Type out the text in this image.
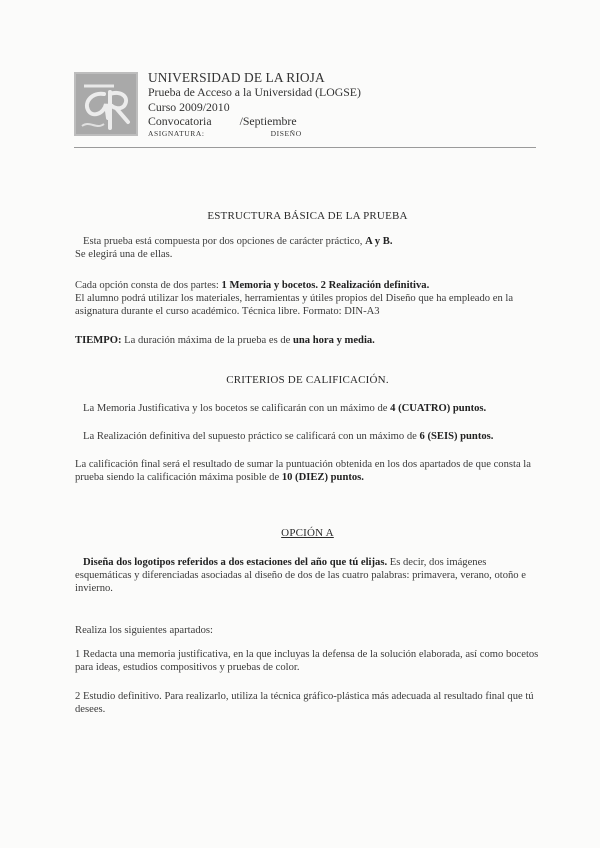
UNIVERSIDAD DE LA RIOJA
Prueba de Acceso a la Universidad (LOGSE)
Curso 2009/2010
Convocatoria /Septiembre
ASIGNATURA:	DISEÑO
ESTRUCTURA BÁSICA DE LA PRUEBA
Esta prueba está compuesta por dos opciones de carácter práctico, A y B.
Se elegirá una de ellas.
Cada opción consta de dos partes: 1 Memoria y bocetos. 2 Realización definitiva.
El alumno podrá utilizar los materiales, herramientas y útiles propios del Diseño que ha empleado en la asignatura durante el curso académico. Técnica libre. Formato: DIN-A3
TIEMPO: La duración máxima de la prueba es de una hora y media.
CRITERIOS DE CALIFICACIÓN.
La Memoria Justificativa y los bocetos se calificarán con un máximo de 4 (CUATRO) puntos.
La Realización definitiva del supuesto práctico se calificará con un máximo de 6 (SEIS) puntos.
La calificación final será el resultado de sumar la puntuación obtenida en los dos apartados de que consta la prueba siendo la calificación máxima posible de 10 (DIEZ) puntos.
OPCIÓN A
Diseña dos logotipos referidos a dos estaciones del año que tú elijas. Es decir, dos imágenes esquemáticas y diferenciadas asociadas al diseño de dos de las cuatro palabras: primavera, verano, otoño e invierno.
Realiza los siguientes apartados:
1 Redacta una memoria justificativa, en la que incluyas la defensa de la solución elaborada, así como bocetos para ideas, estudios compositivos y pruebas de color.
2 Estudio definitivo. Para realizarlo, utiliza la técnica gráfico-plástica más adecuada al resultado final que tú desees.
